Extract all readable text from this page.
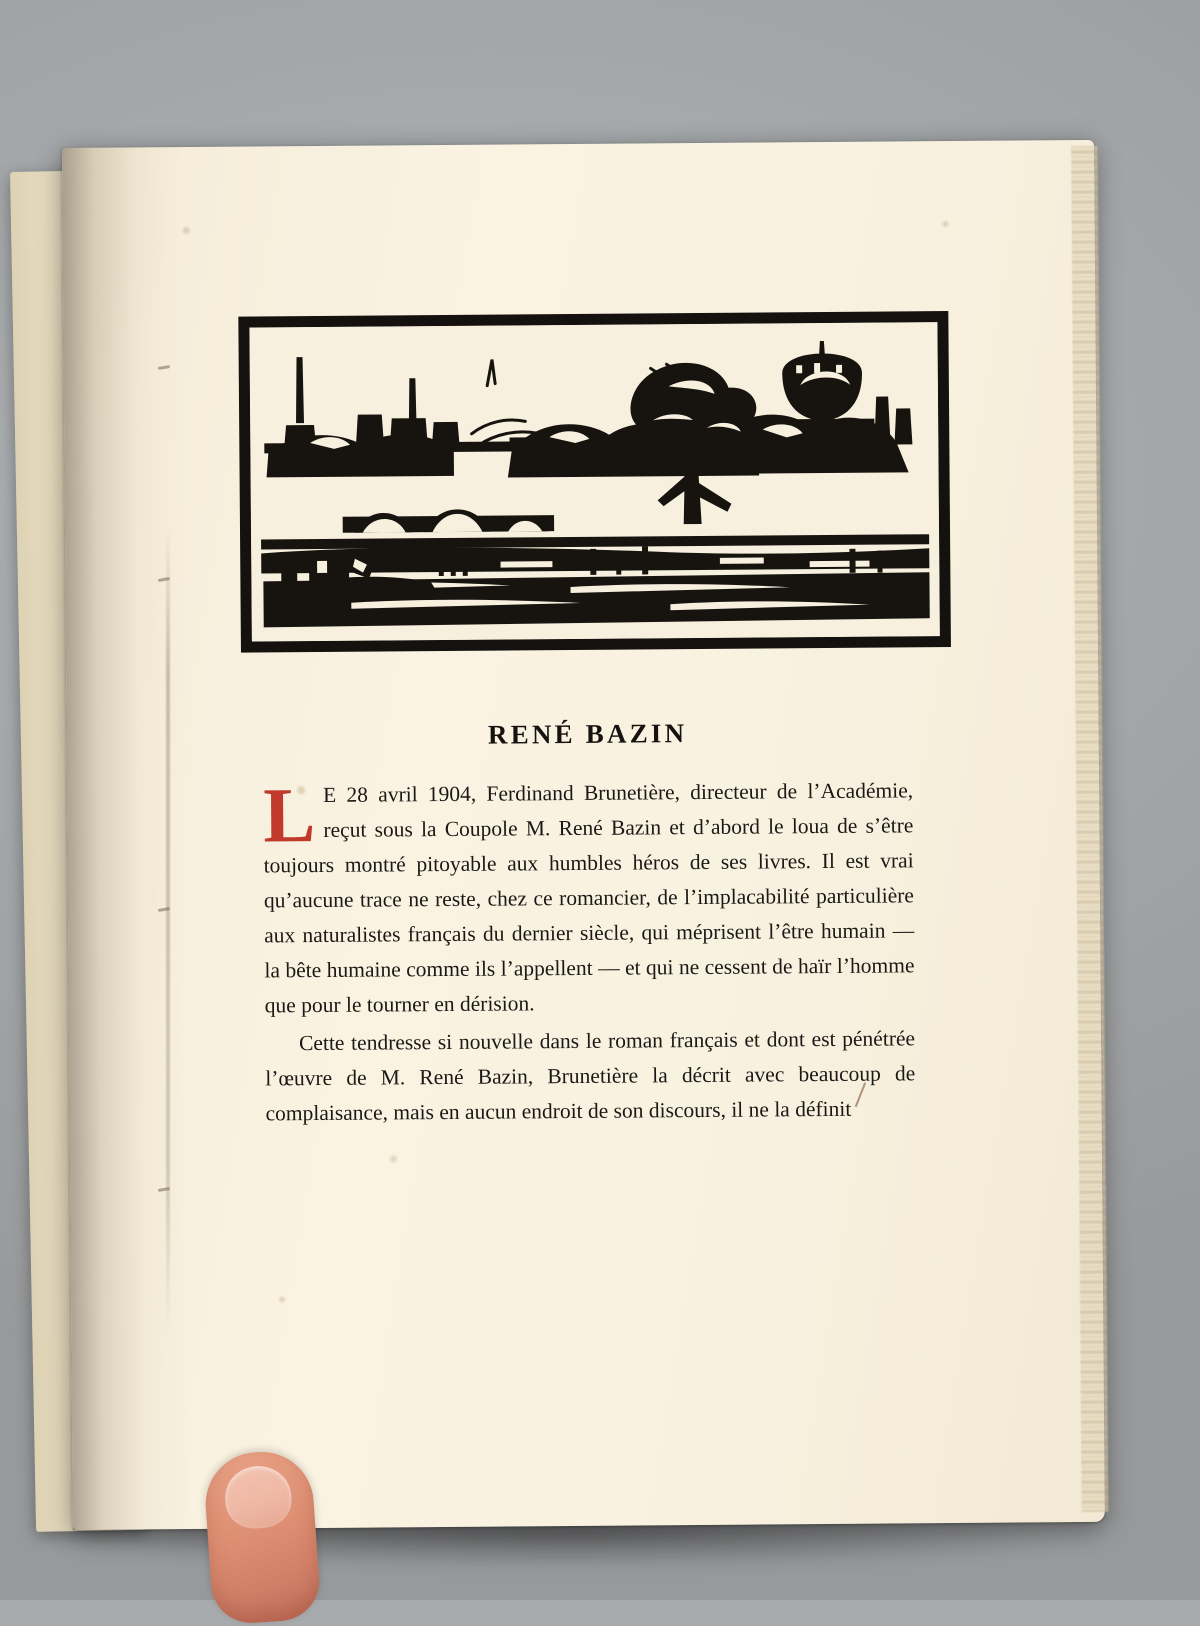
RENÉ BAZIN

L E 28 avril 1904, Ferdinand Brunetière, directeur de l’Académie, reçut sous la Coupole M. René Bazin et d’abord le loua de s’être toujours montré pitoyable aux humbles héros de ses livres. Il est vrai qu’aucune trace ne reste, chez ce romancier, de l’implacabilité particulière aux naturalistes français du dernier siècle, qui méprisent l’être humain — la bête humaine comme ils l’appellent — et qui ne cessent de haïr l’homme que pour le tourner en dérision.

Cette tendresse si nouvelle dans le roman français et dont est pénétrée l’œuvre de M. René Bazin, Brunetière la décrit avec beaucoup de complaisance, mais en aucun endroit de son discours, il ne la définit
